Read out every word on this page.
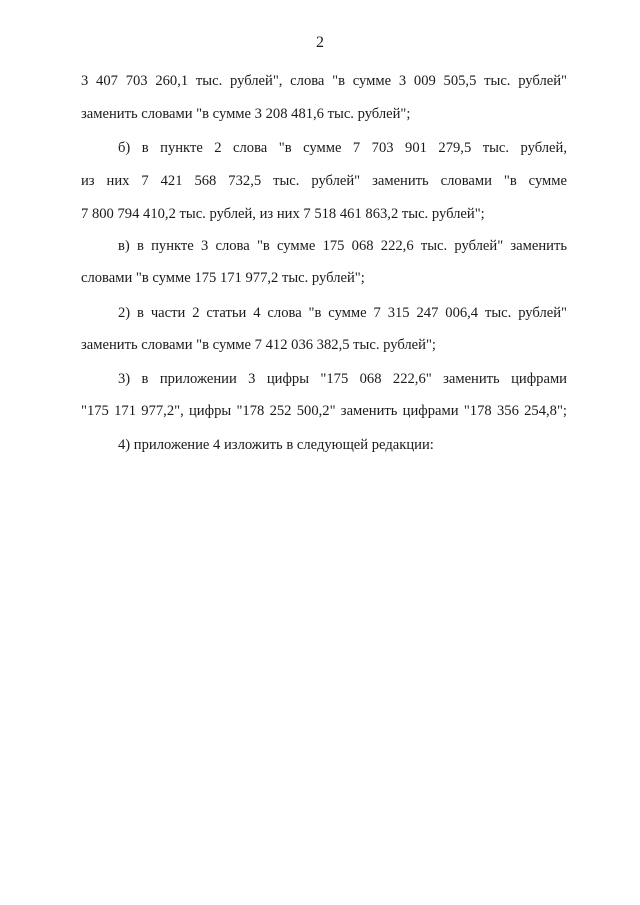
2
3 407 703 260,1 тыс. рублей", слова "в сумме 3 009 505,5 тыс. рублей"
заменить словами "в сумме 3 208 481,6 тыс. рублей";
б) в пункте 2 слова "в сумме 7 703 901 279,5 тыс. рублей,
из них 7 421 568 732,5 тыс. рублей" заменить словами "в сумме
7 800 794 410,2 тыс. рублей, из них 7 518 461 863,2 тыс. рублей";
в) в пункте 3 слова "в сумме 175 068 222,6 тыс. рублей" заменить
словами "в сумме 175 171 977,2 тыс. рублей";
2) в части 2 статьи 4 слова "в сумме 7 315 247 006,4 тыс. рублей"
заменить словами "в сумме 7 412 036 382,5 тыс. рублей";
3) в приложении 3 цифры "175 068 222,6" заменить цифрами
"175 171 977,2", цифры "178 252 500,2" заменить цифрами "178 356 254,8";
4) приложение 4 изложить в следующей редакции:
